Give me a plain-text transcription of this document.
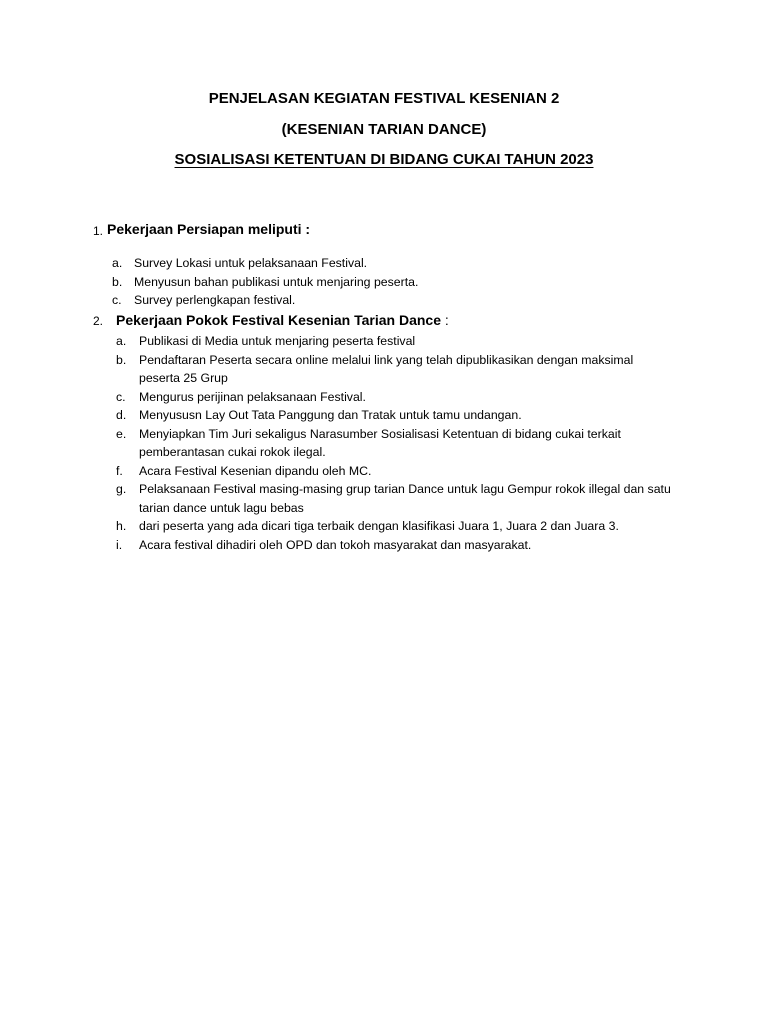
PENJELASAN KEGIATAN FESTIVAL KESENIAN 2
(KESENIAN TARIAN DANCE)
SOSIALISASI KETENTUAN DI BIDANG CUKAI TAHUN 2023
1. Pekerjaan Persiapan meliputi :
a. Survey Lokasi untuk pelaksanaan Festival.
b. Menyusun bahan publikasi untuk menjaring peserta.
c.	Survey perlengkapan festival.
2. Pekerjaan Pokok Festival Kesenian Tarian Dance :
a.	Publikasi di Media untuk menjaring peserta festival
b.	Pendaftaran Peserta secara online melalui link yang telah dipublikasikan dengan maksimal peserta 25 Grup
c.	Mengurus perijinan pelaksanaan Festival.
d.	Menyususn Lay Out Tata Panggung dan Tratak untuk tamu undangan.
e.	Menyiapkan Tim Juri sekaligus Narasumber Sosialisasi Ketentuan di bidang cukai terkait pemberantasan cukai rokok ilegal.
f.	Acara Festival Kesenian dipandu oleh MC.
g.	Pelaksanaan Festival masing-masing grup tarian Dance untuk lagu Gempur rokok illegal dan satu tarian dance untuk lagu bebas
h.	dari peserta yang ada dicari tiga terbaik dengan klasifikasi Juara 1, Juara 2 dan Juara 3.
i.	Acara festival dihadiri oleh OPD dan tokoh masyarakat dan masyarakat.
